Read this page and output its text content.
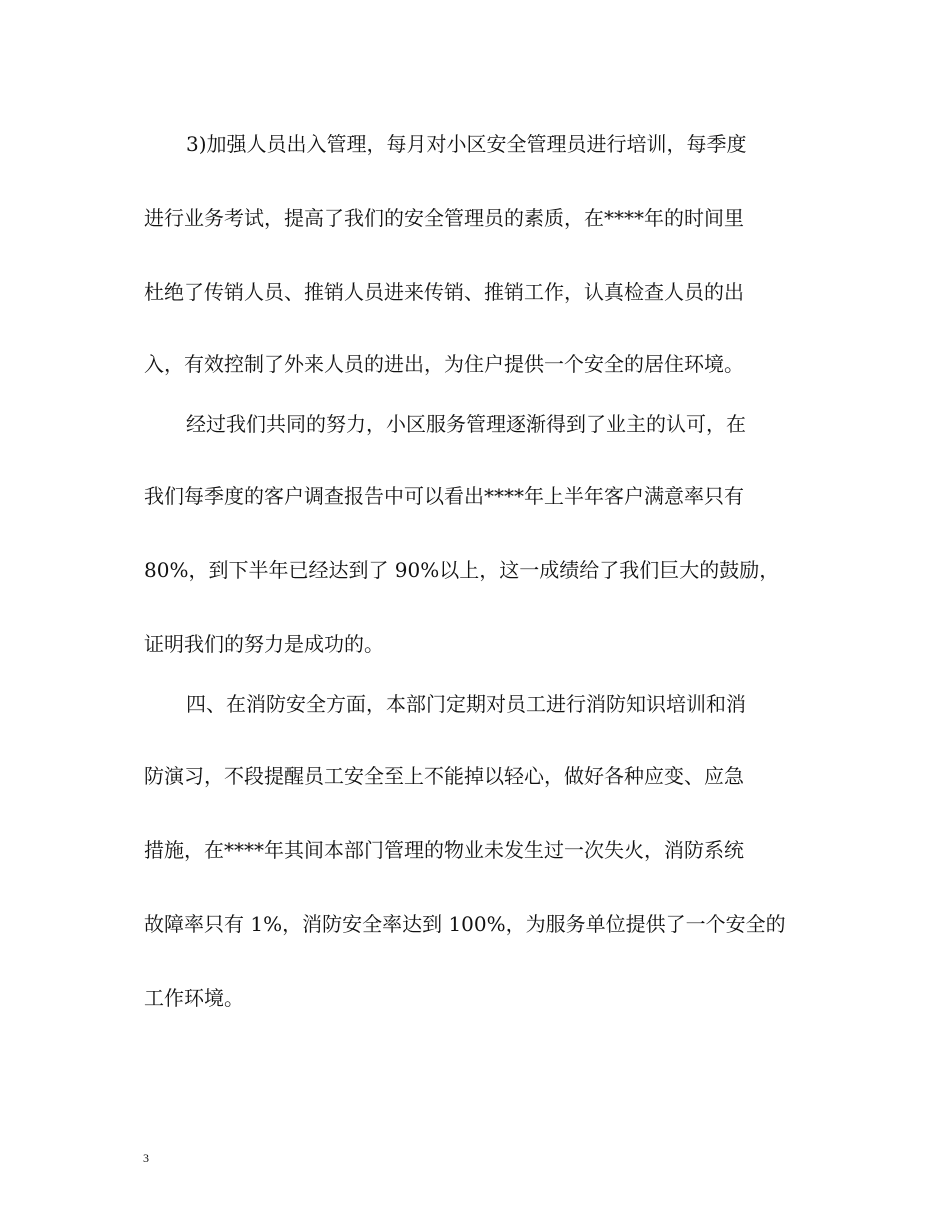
3)加强人员出入管理，每月对小区安全管理员进行培训，每季度
进行业务考试，提高了我们的安全管理员的素质，在****年的时间里
杜绝了传销人员、推销人员进来传销、推销工作，认真检查人员的出
入，有效控制了外来人员的进出，为住户提供一个安全的居住环境。
经过我们共同的努力，小区服务管理逐渐得到了业主的认可，在
我们每季度的客户调查报告中可以看出****年上半年客户满意率只有
80%，到下半年已经达到了 90%以上，这一成绩给了我们巨大的鼓励，
证明我们的努力是成功的。
四、在消防安全方面，本部门定期对员工进行消防知识培训和消
防演习，不段提醒员工安全至上不能掉以轻心，做好各种应变、应急
措施，在****年其间本部门管理的物业未发生过一次失火，消防系统
故障率只有 1%，消防安全率达到 100%，为服务单位提供了一个安全的
工作环境。
3
